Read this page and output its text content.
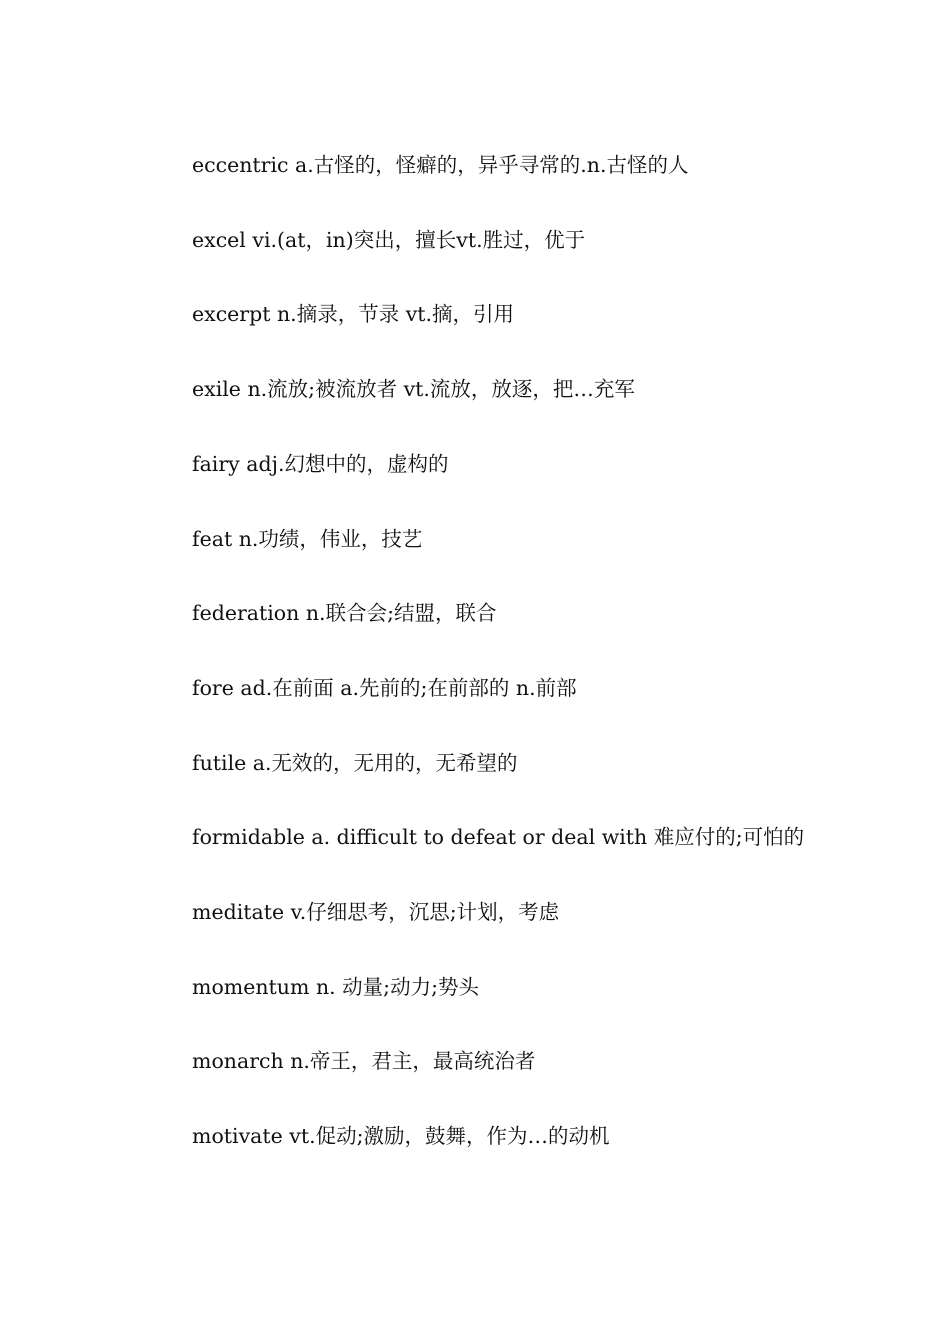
eccentric a.古怪的，怪癖的，异乎寻常的.n.古怪的人

excel vi.(at，in)突出，擅长vt.胜过，优于

excerpt n.摘录，节录 vt.摘，引用

exile n.流放;被流放者 vt.流放，放逐，把…充军

fairy adj.幻想中的，虚构的

feat n.功绩，伟业，技艺

federation n.联合会;结盟，联合

fore ad.在前面 a.先前的;在前部的 n.前部

futile a.无效的，无用的，无希望的

formidable a. difficult to defeat or deal with 难应付的;可怕的

meditate v.仔细思考，沉思;计划，考虑

momentum n. 动量;动力;势头

monarch n.帝王，君主，最高统治者

motivate vt.促动;激励，鼓舞，作为…的动机
